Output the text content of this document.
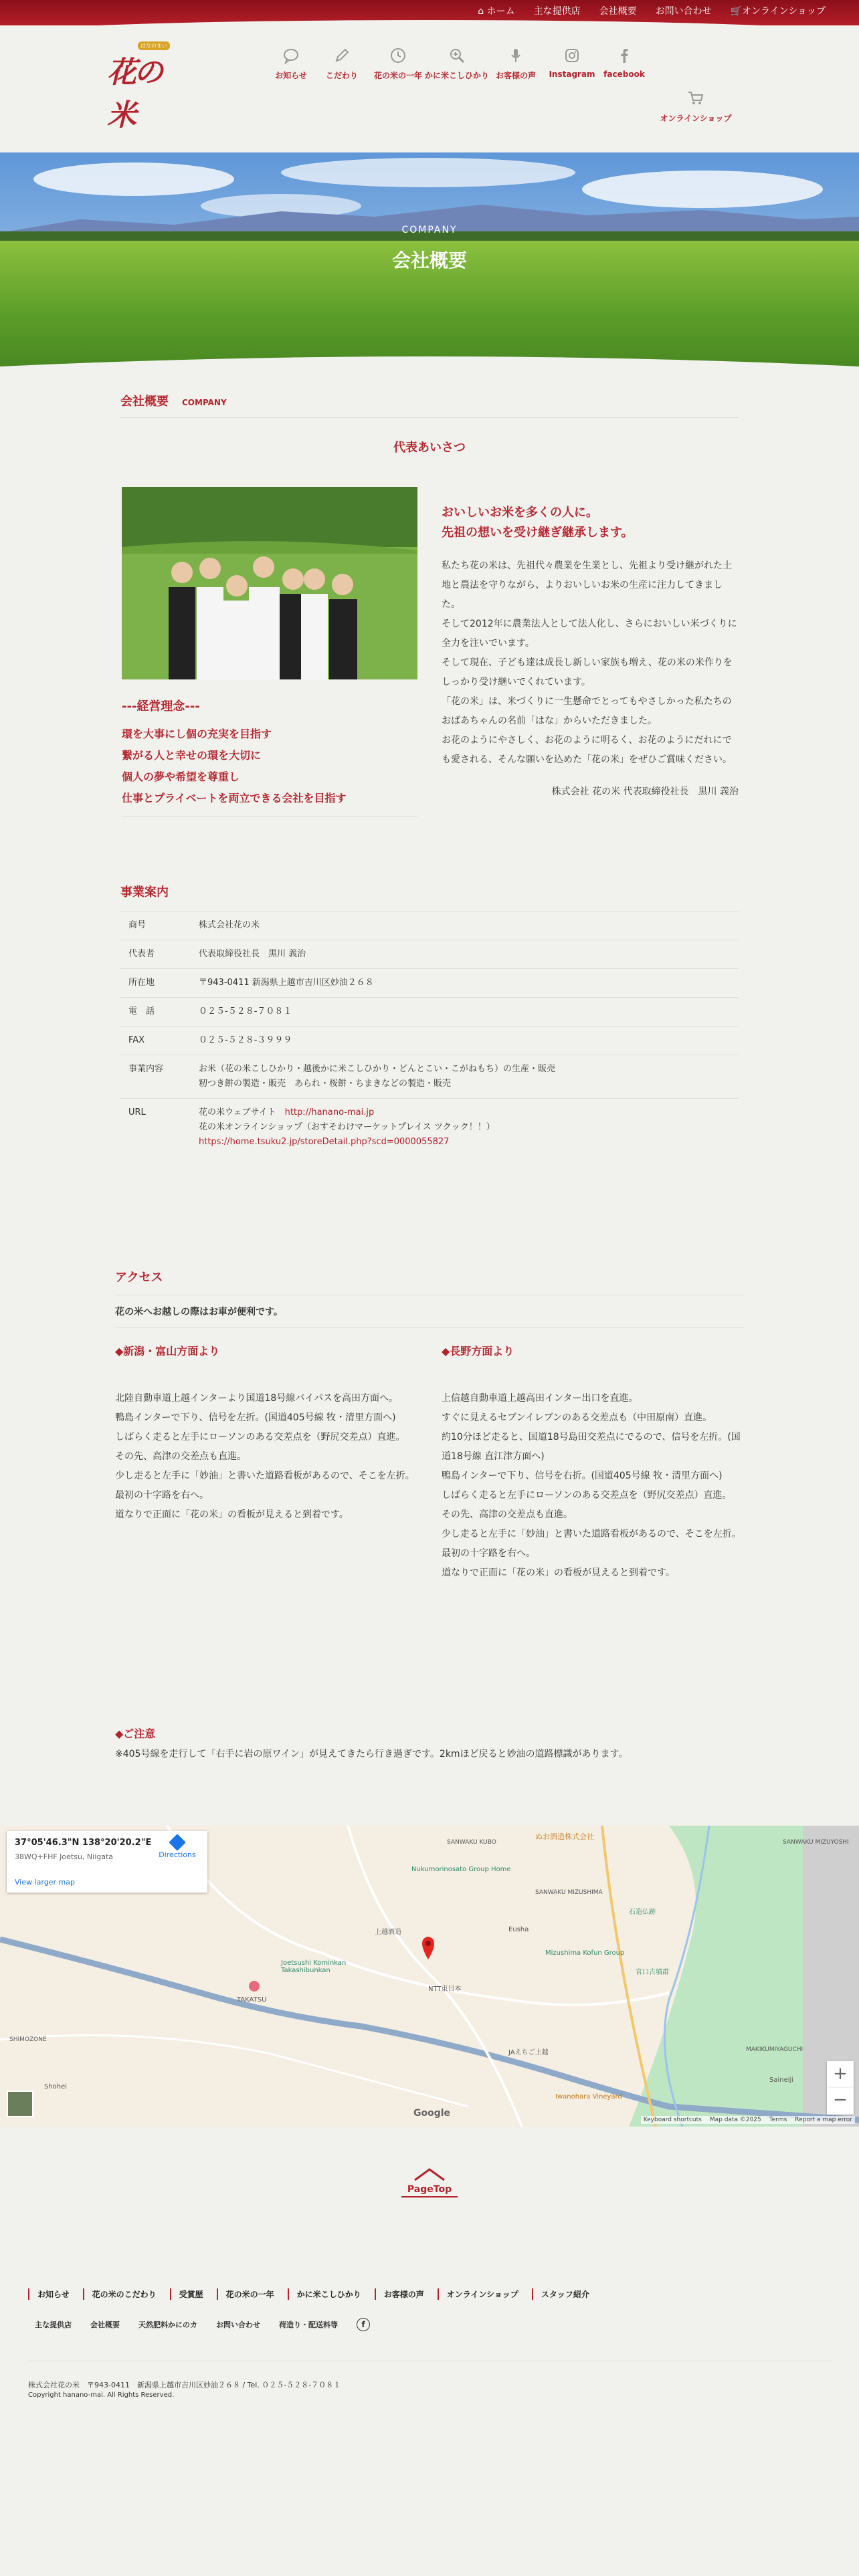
⌂ ホーム 主な提供店 会社概要 お問い合わせ 🛒オンラインショップ
はなのまい
花の米
お知らせ	こだわり	花の米の一年 かに米こしひかり お客様の声	Instagram	facebook
オンラインショップ
COMPANY
会社概要
会社概要 COMPANY
代表あいさつ
---経営理念---
環を大事にし個の充実を目指す
繋がる人と幸せの環を大切に
個人の夢や希望を尊重し
仕事とプライベートを両立できる会社を目指す
おいしいお米を多くの人に。
先祖の想いを受け継ぎ継承します。

私たち花の米は、先祖代々農業を生業とし、先祖より受け継がれた土地と農法を守りながら、よりおいしいお米の生産に注力してきました。

そして2012年に農業法人として法人化し、さらにおいしい米づくりに全力を注いでいます。

そして現在、子ども達は成長し新しい家族も増え、花の米の米作りをしっかり受け継いでくれています。

「花の米」は、米づくりに一生懸命でとってもやさしかった私たちのおばあちゃんの名前「はな」からいただきました。

お花のようにやさしく、お花のように明るく、お花のようにだれにでも愛される、そんな願いを込めた「花の米」をぜひご賞味ください。

株式会社 花の米 代表取締役社長　黒川 義治
事業案内
商号	株式会社花の米
代表者	代表取締役社長　黒川 義治
所在地	〒943-0411 新潟県上越市吉川区妙油２６８
電　話	０２５-５２８-７０８１
FAX	０２５-５２８-３９９９
事業内容	お米（花の米こしひかり・越後かに米こしひかり・どんとこい・こがねもち）の生産・販売
籾つき餅の製造・販売　あられ・桜餅・ちまきなどの製造・販売

URL	花の米ウェブサイト　 http://hanano-mai.jp
花の米オンラインショップ（おすそわけマーケットプレイス ツクック！！）
https://home.tsuku2.jp/storeDetail.php?scd=0000055827
アクセス
花の米へお越しの際はお車が便利です。
◆新潟・富山方面より

北陸自動車道上越インターより国道18号線バイパスを高田方面へ。

鴨島インターで下り、信号を左折。(国道405号線 牧・清里方面へ)

しばらく走ると左手にローソンのある交差点を（野尻交差点）直進。

その先、高津の交差点も直進。

少し走ると左手に「妙油」と書いた道路看板があるので、そこを左折。

最初の十字路を右へ。

道なりで正面に「花の米」の看板が見えると到着です。

◆長野方面より

上信越自動車道上越高田インター出口を直進。

すぐに見えるセブンイレブンのある交差点も（中田原南）直進。

約10分ほど走ると、国道18号島田交差点にでるので、信号を左折。(国道18号線 直江津方面へ)

鴨島インターで下り、信号を右折。(国道405号線 牧・清里方面へ)

しばらく走ると左手にローソンのある交差点を（野尻交差点）直進。

その先、高津の交差点も直進。

少し走ると左手に「妙油」と書いた道路看板があるので、そこを左折。

最初の十字路を右へ。

道なりで正面に「花の米」の看板が見えると到着です。

◆ご注意
※405号線を走行して「右手に岩の原ワイン」が見えてきたら行き過ぎです。2kmほど戻ると妙油の道路標識があります。
ぬお酒造株式会社
SANWAKU KUBO
Nukumorinosato Group Home
上越酒造	Eusha
SANWAKU MIZUSHIMA
Mizushima Kofun Group
石造仏跡
宮口古墳群
SANWAKU MIZUYOSHI
MAKIKUMIYAGUCHI
Joetsushi Kominkan Takashibunkan
NTT東日本
TAKATSU
SHIMOZONE
Shohei
JAえちご上越
Iwanohara Vineyard
Saineiji
37°05'46.3"N 138°20'20.2"E
38WQ+FHF Joetsu, Niigata	Directions
View larger map
+
−
Google
Keyboard shortcuts Map data ©2025 Terms Report a map error
PageTop
お知らせ	花の米のこだわり	受賞歴	花の米の一年	かに米こしひかり	お客様の声	オンラインショップ	スタッフ紹介
主な提供店	会社概要	天然肥料かにのカ	お問い合わせ	荷造り・配送料等	f
株式会社花の米　〒943-0411　新潟県上越市吉川区妙油２６８ / Tel. ０２５-５２８-７０８１
Copyright hanano-mai. All Rights Reserved.
